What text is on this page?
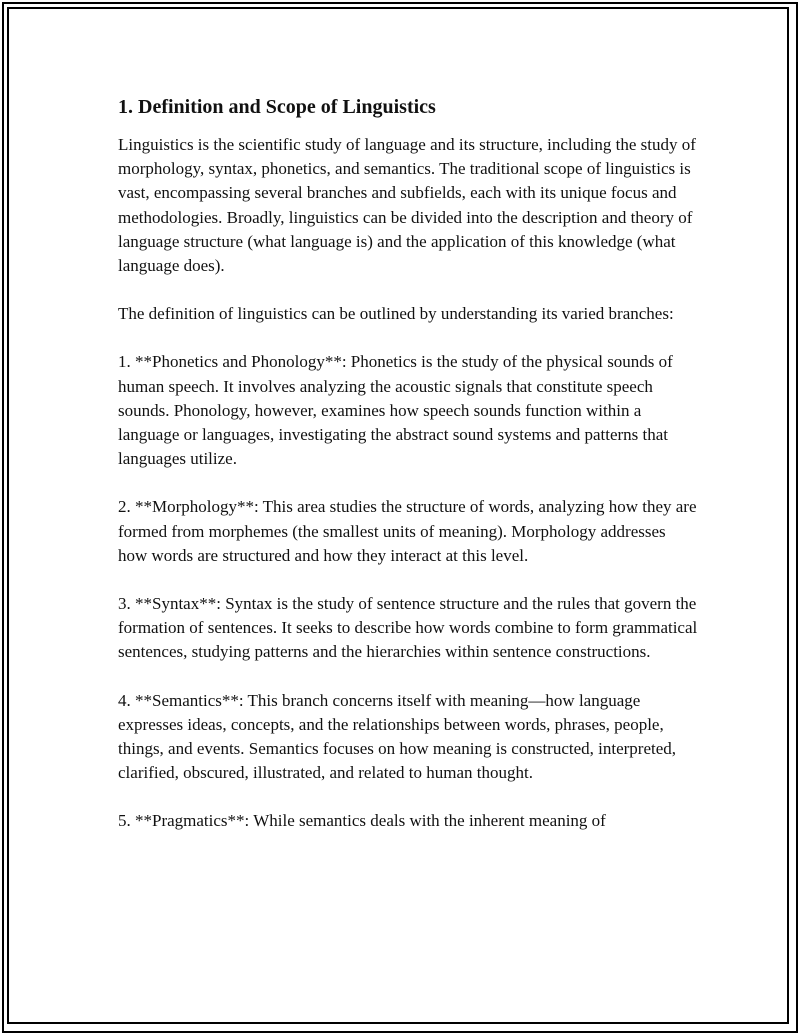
1. Definition and Scope of Linguistics

Linguistics is the scientific study of language and its structure, including the study of morphology, syntax, phonetics, and semantics. The traditional scope of linguistics is vast, encompassing several branches and subfields, each with its unique focus and methodologies. Broadly, linguistics can be divided into the description and theory of language structure (what language is) and the application of this knowledge (what language does).

The definition of linguistics can be outlined by understanding its varied branches:

1. **Phonetics and Phonology**: Phonetics is the study of the physical sounds of human speech. It involves analyzing the acoustic signals that constitute speech sounds. Phonology, however, examines how speech sounds function within a language or languages, investigating the abstract sound systems and patterns that languages utilize.

2. **Morphology**: This area studies the structure of words, analyzing how they are formed from morphemes (the smallest units of meaning). Morphology addresses how words are structured and how they interact at this level.

3. **Syntax**: Syntax is the study of sentence structure and the rules that govern the formation of sentences. It seeks to describe how words combine to form grammatical sentences, studying patterns and the hierarchies within sentence constructions.

4. **Semantics**: This branch concerns itself with meaning—how language expresses ideas, concepts, and the relationships between words, phrases, people, things, and events. Semantics focuses on how meaning is constructed, interpreted, clarified, obscured, illustrated, and related to human thought.

5. **Pragmatics**: While semantics deals with the inherent meaning of
